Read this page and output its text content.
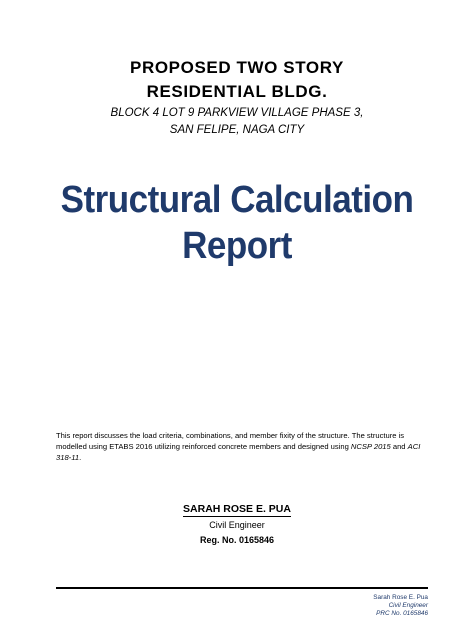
PROPOSED TWO STORY

RESIDENTIAL BLDG.

BLOCK 4 LOT 9 PARKVIEW VILLAGE PHASE 3,

SAN FELIPE, NAGA CITY

Structural Calculation

Report

This report discusses the load criteria, combinations, and member fixity of the structure. The structure is modelled using ETABS 2016 utilizing reinforced concrete members and designed using NCSP 2015 and ACI 318-11.

SARAH ROSE E. PUA

Civil Engineer

Reg. No. 0165846

Sarah Rose E. Pua
Civil Engineer
PRC No. 0165846
